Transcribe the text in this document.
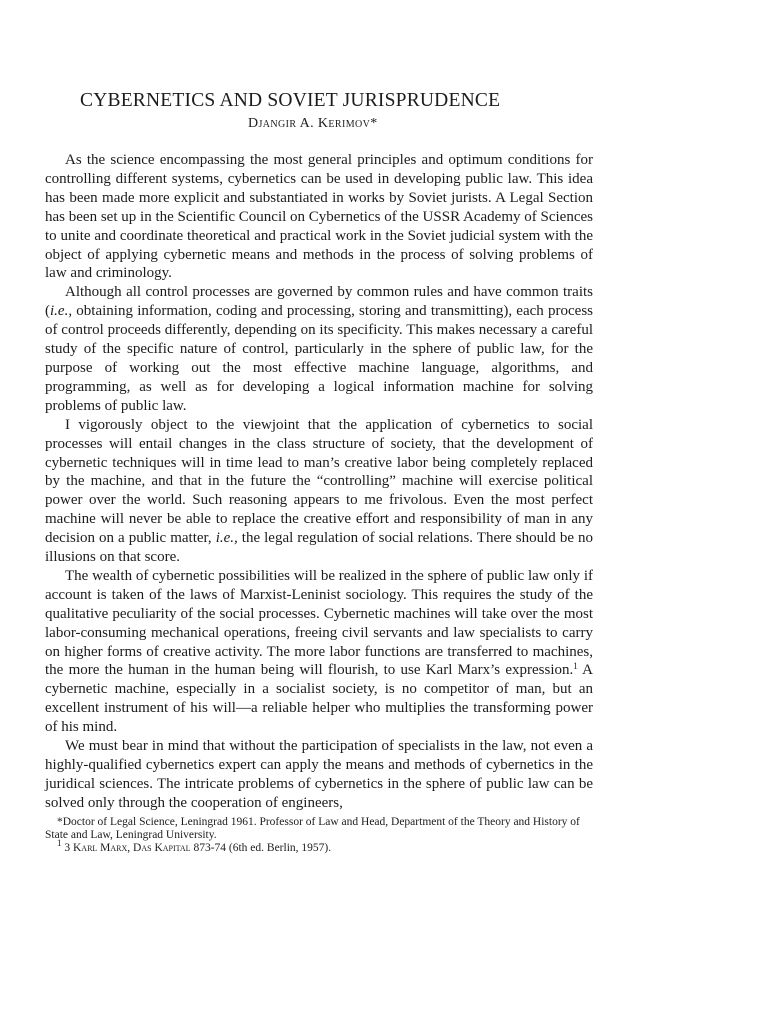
CYBERNETICS AND SOVIET JURISPRUDENCE
Djangir A. Kerimov*

As the science encompassing the most general principles and optimum conditions for controlling different systems, cybernetics can be used in developing public law. This idea has been made more explicit and substantiated in works by Soviet jurists. A Legal Section has been set up in the Scientific Council on Cybernetics of the USSR Academy of Sciences to unite and coordinate theoretical and practical work in the Soviet judicial system with the object of applying cybernetic means and methods in the process of solving problems of law and criminology.

Although all control processes are governed by common rules and have common traits (i.e., obtaining information, coding and processing, storing and transmitting), each process of control proceeds differently, depending on its specificity. This makes necessary a careful study of the specific nature of control, particularly in the sphere of public law, for the purpose of working out the most effective machine language, algorithms, and programming, as well as for developing a logical information machine for solving problems of public law.

I vigorously object to the viewjoint that the application of cybernetics to social processes will entail changes in the class structure of society, that the development of cybernetic techniques will in time lead to man’s creative labor being completely replaced by the machine, and that in the future the “controlling” machine will exercise political power over the world. Such reasoning appears to me frivolous. Even the most perfect machine will never be able to replace the creative effort and responsibility of man in any decision on a public matter, i.e., the legal regulation of social relations. There should be no illusions on that score.

The wealth of cybernetic possibilities will be realized in the sphere of public law only if account is taken of the laws of Marxist-Leninist sociology. This requires the study of the qualitative peculiarity of the social processes. Cybernetic machines will take over the most labor-consuming mechanical operations, freeing civil servants and law specialists to carry on higher forms of creative activity. The more labor functions are transferred to machines, the more the human in the human being will flourish, to use Karl Marx’s expression.$^1$ A cybernetic machine, especially in a socialist society, is no competitor of man, but an excellent instrument of his will—a reliable helper who multiplies the transforming power of his mind.

We must bear in mind that without the participation of specialists in the law, not even a highly-qualified cybernetics expert can apply the means and methods of cybernetics in the juridical sciences. The intricate problems of cybernetics in the sphere of public law can be solved only through the cooperation of engineers,

*Doctor of Legal Science, Leningrad 1961. Professor of Law and Head, Department of the Theory and History of State and Law, Leningrad University.

$^1$ 3 Karl Marx, Das Kapital 873-74 (6th ed. Berlin, 1957).
